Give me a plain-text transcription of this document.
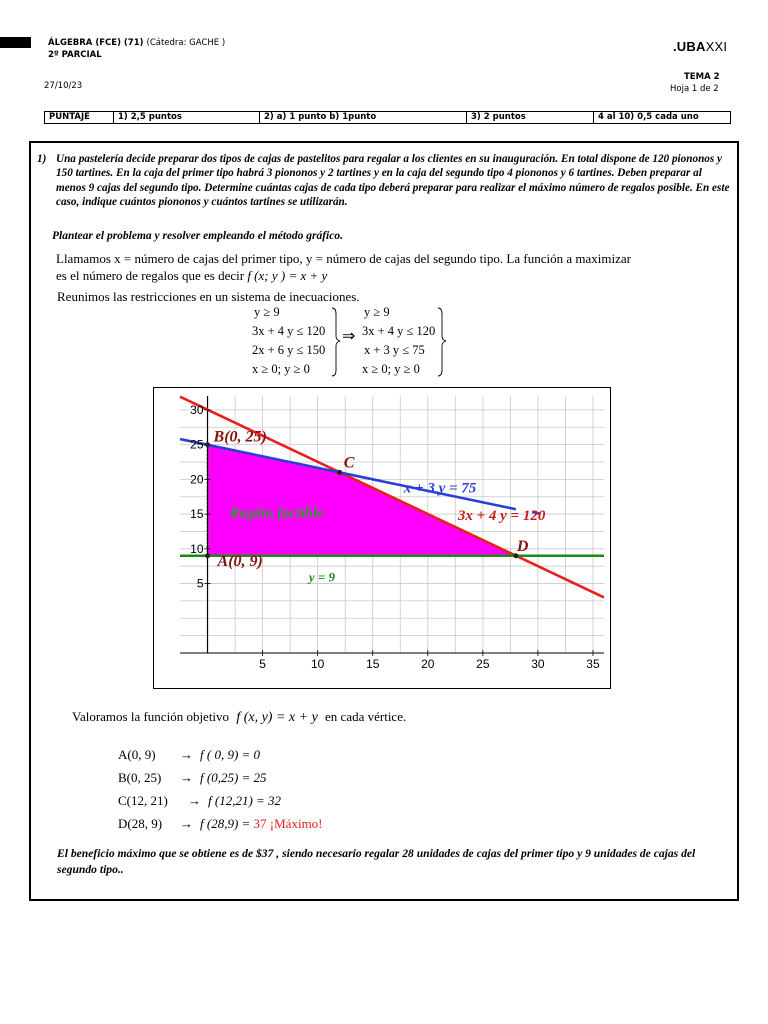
ÁLGEBRA (FCE) (71) (Cátedra: GACHE )
2º PARCIAL
27/10/23
.UBAXXI
TEMA 2
Hoja 1 de 2
PUNTAJE	1) 2,5 puntos	2) a) 1 punto b) 1punto	3) 2 puntos	4 al 10) 0,5 cada uno
1) Una pastelería decide preparar dos tipos de cajas de pastelitos para regalar a los clientes en su inauguración. En total dispone de 120 piononos y 150 tartines. En la caja del primer tipo habrá 3 piononos y 2 tartines y en la caja del segundo tipo 4 piononos y 6 tartines. Deben preparar al menos 9 cajas del segundo tipo. Determine cuántas cajas de cada tipo deberá preparar para realizar el máximo número de regalos posible. En este caso, indique cuántos piononos y cuántos tartines se utilizarán.
Plantear el problema y resolver empleando el método gráfico.
Llamamos x = número de cajas del primer tipo, y = número de cajas del segundo tipo. La función a maximizar
es el número de regalos que es decir f (x; y ) = x + y
Reunimos las restricciones en un sistema de inecuaciones.
y ≥ 9
3x + 4 y ≤ 120
2x + 6 y ≤ 150
x ≥ 0; y ≥ 0
⇒
y ≥ 9
3x + 4 y ≤ 120
x + 3 y ≤ 75
x ≥ 0; y ≥ 0
5	10	15	20	25	30	35
5
10
15
20
25
30
B(0, 25)
C
A(0, 9)
D
Región factible
x + 3 y = 75
3x + 4 y = 120
y = 9
Valoramos la función objetivo f (x, y) = x + y en cada vértice.
A(0, 9) → f ( 0, 9) = 0
B(0, 25) → f (0,25) = 25
C(12, 21) → f (12,21) = 32
D(28, 9) → f (28,9) = 37 ¡Máximo!
El beneficio máximo que se obtiene es de $37 , siendo necesario regalar 28 unidades de cajas del primer tipo y 9 unidades de cajas del segundo tipo..
